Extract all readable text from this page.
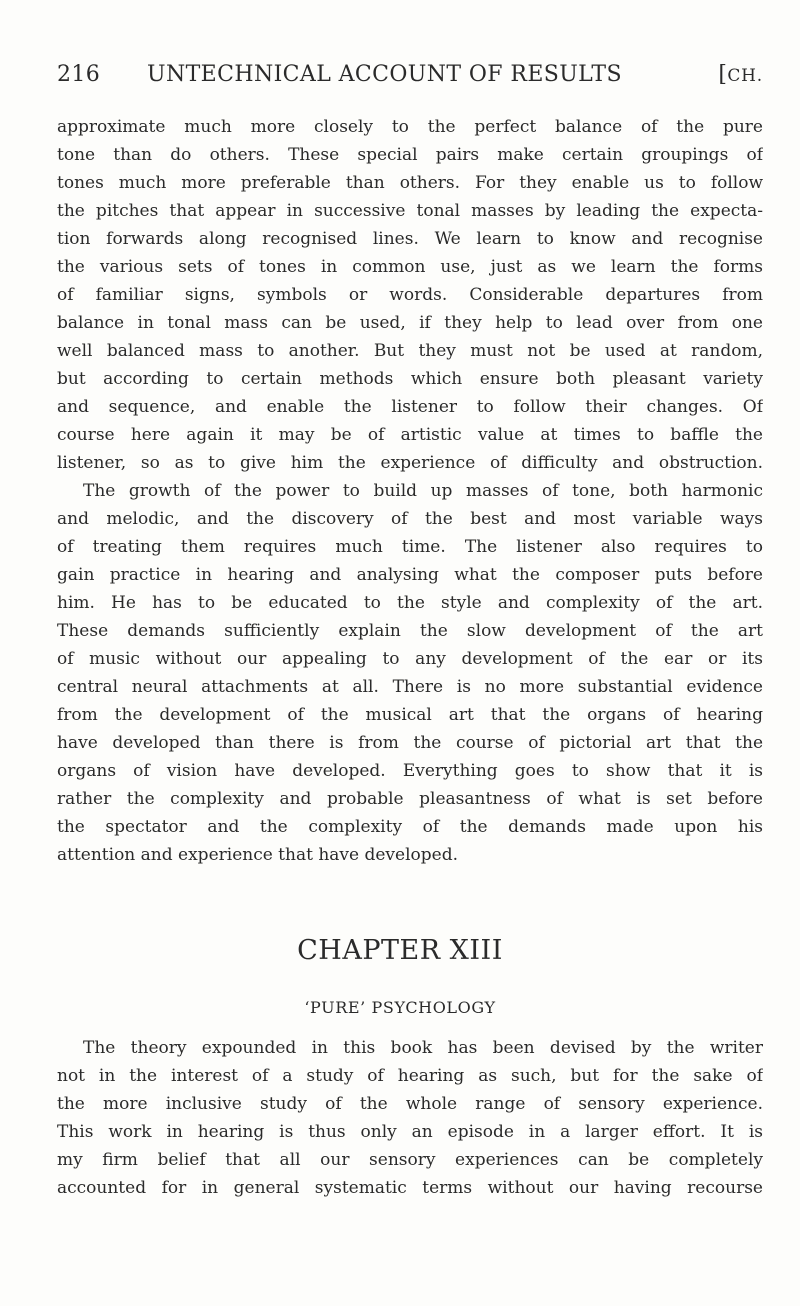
216 UNTECHNICAL ACCOUNT OF RESULTS	[CH.
approximate much more closely to the perfect balance of the pure
tone than do others. These special pairs make certain groupings of
tones much more preferable than others. For they enable us to follow
the pitches that appear in successive tonal masses by leading the expecta-
tion forwards along recognised lines. We learn to know and recognise
the various sets of tones in common use, just as we learn the forms
of familiar signs, symbols or words. Considerable departures from
balance in tonal mass can be used, if they help to lead over from one
well balanced mass to another. But they must not be used at random,
but according to certain methods which ensure both pleasant variety
and sequence, and enable the listener to follow their changes. Of
course here again it may be of artistic value at times to baffle the
listener, so as to give him the experience of difficulty and obstruction.
The growth of the power to build up masses of tone, both harmonic
and melodic, and the discovery of the best and most variable ways
of treating them requires much time. The listener also requires to
gain practice in hearing and analysing what the composer puts before
him. He has to be educated to the style and complexity of the art.
These demands sufficiently explain the slow development of the art
of music without our appealing to any development of the ear or its
central neural attachments at all. There is no more substantial evidence
from the development of the musical art that the organs of hearing
have developed than there is from the course of pictorial art that the
organs of vision have developed. Everything goes to show that it is
rather the complexity and probable pleasantness of what is set before
the spectator and the complexity of the demands made upon his
attention and experience that have developed.
CHAPTER XIII
‘PURE’ PSYCHOLOGY
The theory expounded in this book has been devised by the writer
not in the interest of a study of hearing as such, but for the sake of
the more inclusive study of the whole range of sensory experience.
This work in hearing is thus only an episode in a larger effort. It is
my firm belief that all our sensory experiences can be completely
accounted for in general systematic terms without our having recourse
